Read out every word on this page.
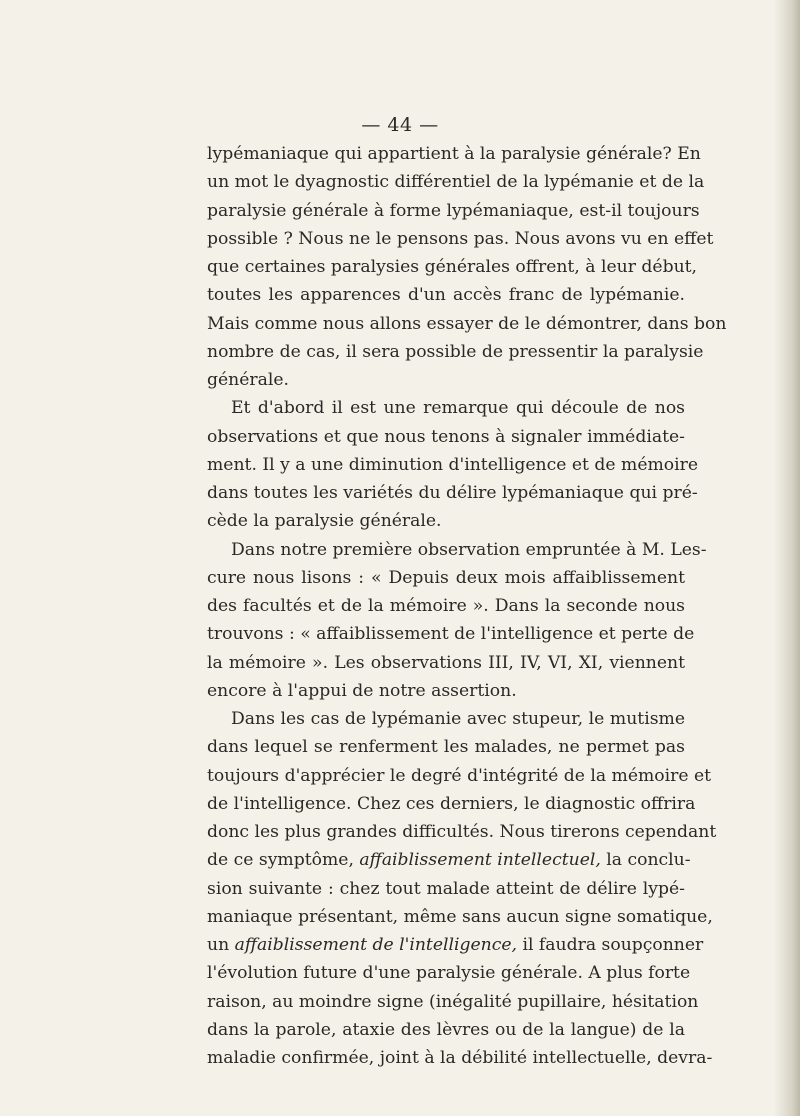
— 44 —
lypémaniaque qui appartient à la paralysie générale? En
un mot le dyagnostic différentiel de la lypémanie et de la
paralysie générale à forme lypémaniaque, est-il toujours
possible ? Nous ne le pensons pas. Nous avons vu en effet
que certaines paralysies générales offrent, à leur début,
toutes les apparences d'un accès franc de lypémanie.
Mais comme nous allons essayer de le démontrer, dans bon
nombre de cas, il sera possible de pressentir la paralysie
générale.
Et d'abord il est une remarque qui découle de nos
observations et que nous tenons à signaler immédiate-
ment. Il y a une diminution d'intelligence et de mémoire
dans toutes les variétés du délire lypémaniaque qui pré-
cède la paralysie générale.
Dans notre première observation empruntée à M. Les-
cure nous lisons : « Depuis deux mois affaiblissement
des facultés et de la mémoire ». Dans la seconde nous
trouvons : « affaiblissement de l'intelligence et perte de
la mémoire ». Les observations III, IV, VI, XI, viennent
encore à l'appui de notre assertion.
Dans les cas de lypémanie avec stupeur, le mutisme
dans lequel se renferment les malades, ne permet pas
toujours d'apprécier le degré d'intégrité de la mémoire et
de l'intelligence. Chez ces derniers, le diagnostic offrira
donc les plus grandes difficultés. Nous tirerons cependant
de ce symptôme, affaiblissement intellectuel, la conclu-
sion suivante : chez tout malade atteint de délire lypé-
maniaque présentant, même sans aucun signe somatique,
un affaiblissement de l'intelligence, il faudra soupçonner
l'évolution future d'une paralysie générale. A plus forte
raison, au moindre signe (inégalité pupillaire, hésitation
dans la parole, ataxie des lèvres ou de la langue) de la
maladie confirmée, joint à la débilité intellectuelle, devra-
